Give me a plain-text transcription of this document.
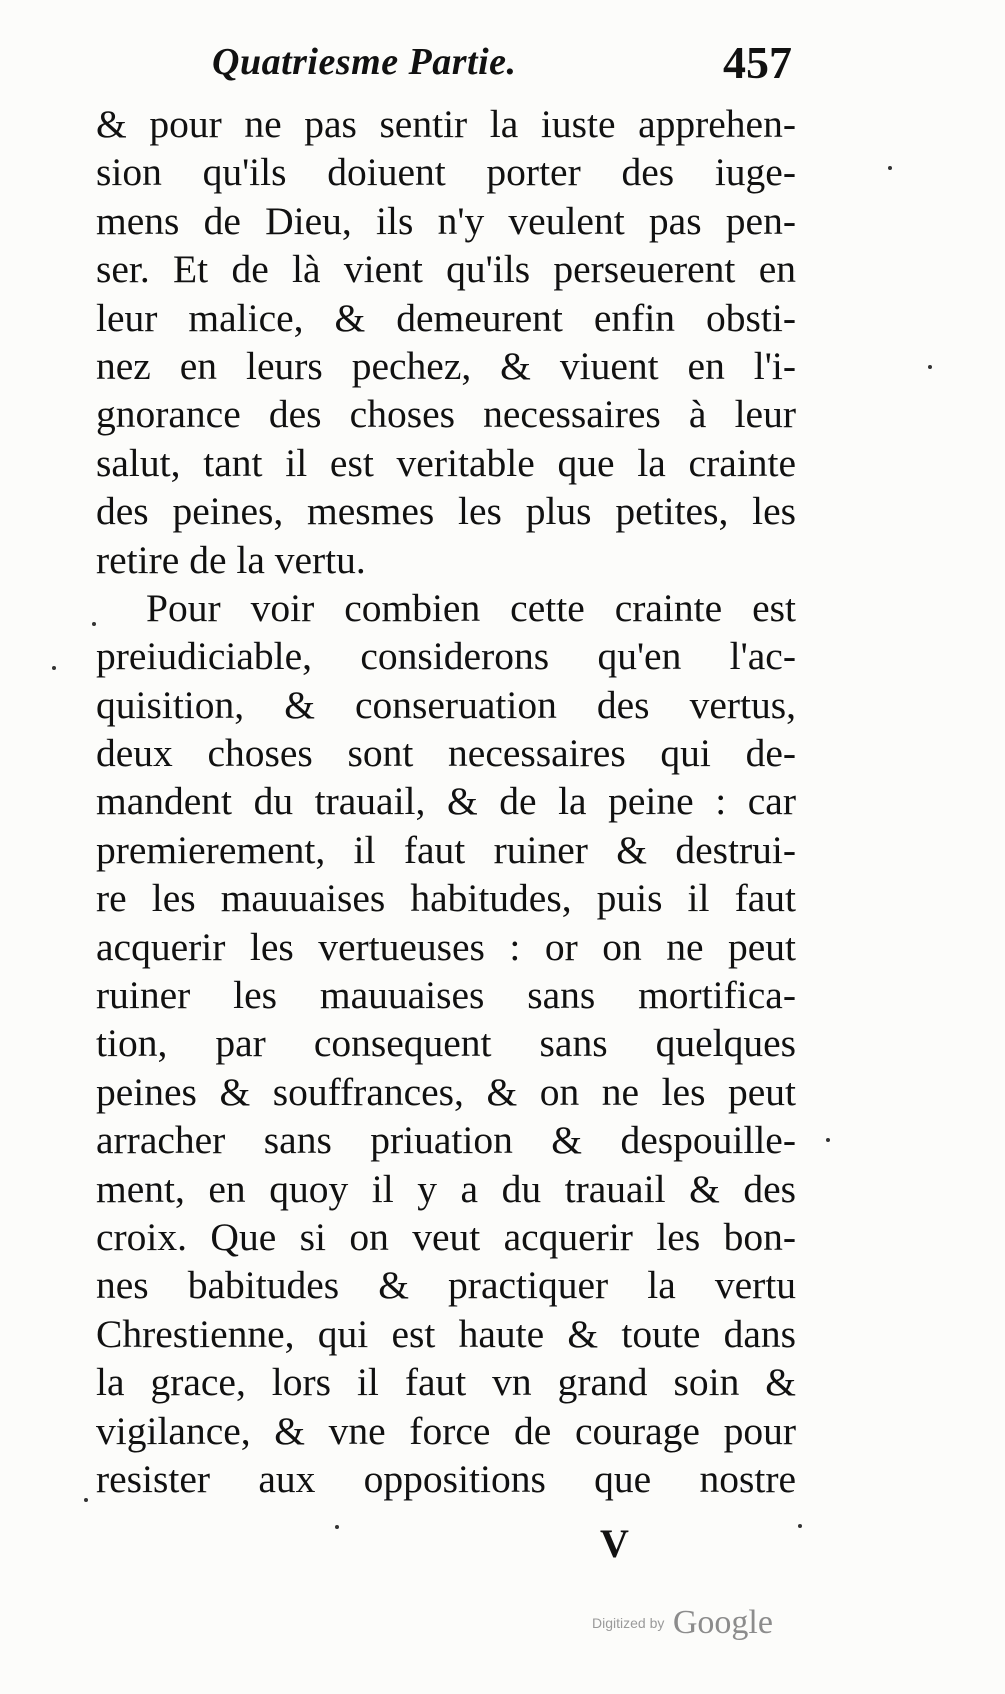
Quatriesme Partie.	457
& pour ne pas sentir la iuste apprehen-
sion qu'ils doiuent porter des iuge-
mens de Dieu, ils n'y veulent pas pen-
ser. Et de là vient qu'ils perseuerent en
leur malice, & demeurent enfin obsti-
nez en leurs pechez, & viuent en l'i-
gnorance des choses necessaires à leur
salut, tant il est veritable que la crainte
des peines, mesmes les plus petites, les
retire de la vertu.
Pour voir combien cette crainte est
preiudiciable, considerons qu'en l'ac-
quisition, & conseruation des vertus,
deux choses sont necessaires qui de-
mandent du trauail, & de la peine : car
premierement, il faut ruiner & destrui-
re les mauuaises habitudes, puis il faut
acquerir les vertueuses : or on ne peut
ruiner les mauuaises sans mortifica-
tion, par consequent sans quelques
peines & souffrances, & on ne les peut
arracher sans priuation & despouille-
ment, en quoy il y a du trauail & des
croix. Que si on veut acquerir les bon-
nes babitudes & practiquer la vertu
Chrestienne, qui est haute & toute dans
la grace, lors il faut vn grand soin &
vigilance, & vne force de courage pour
resister aux oppositions que nostre
V
Digitized by Google
